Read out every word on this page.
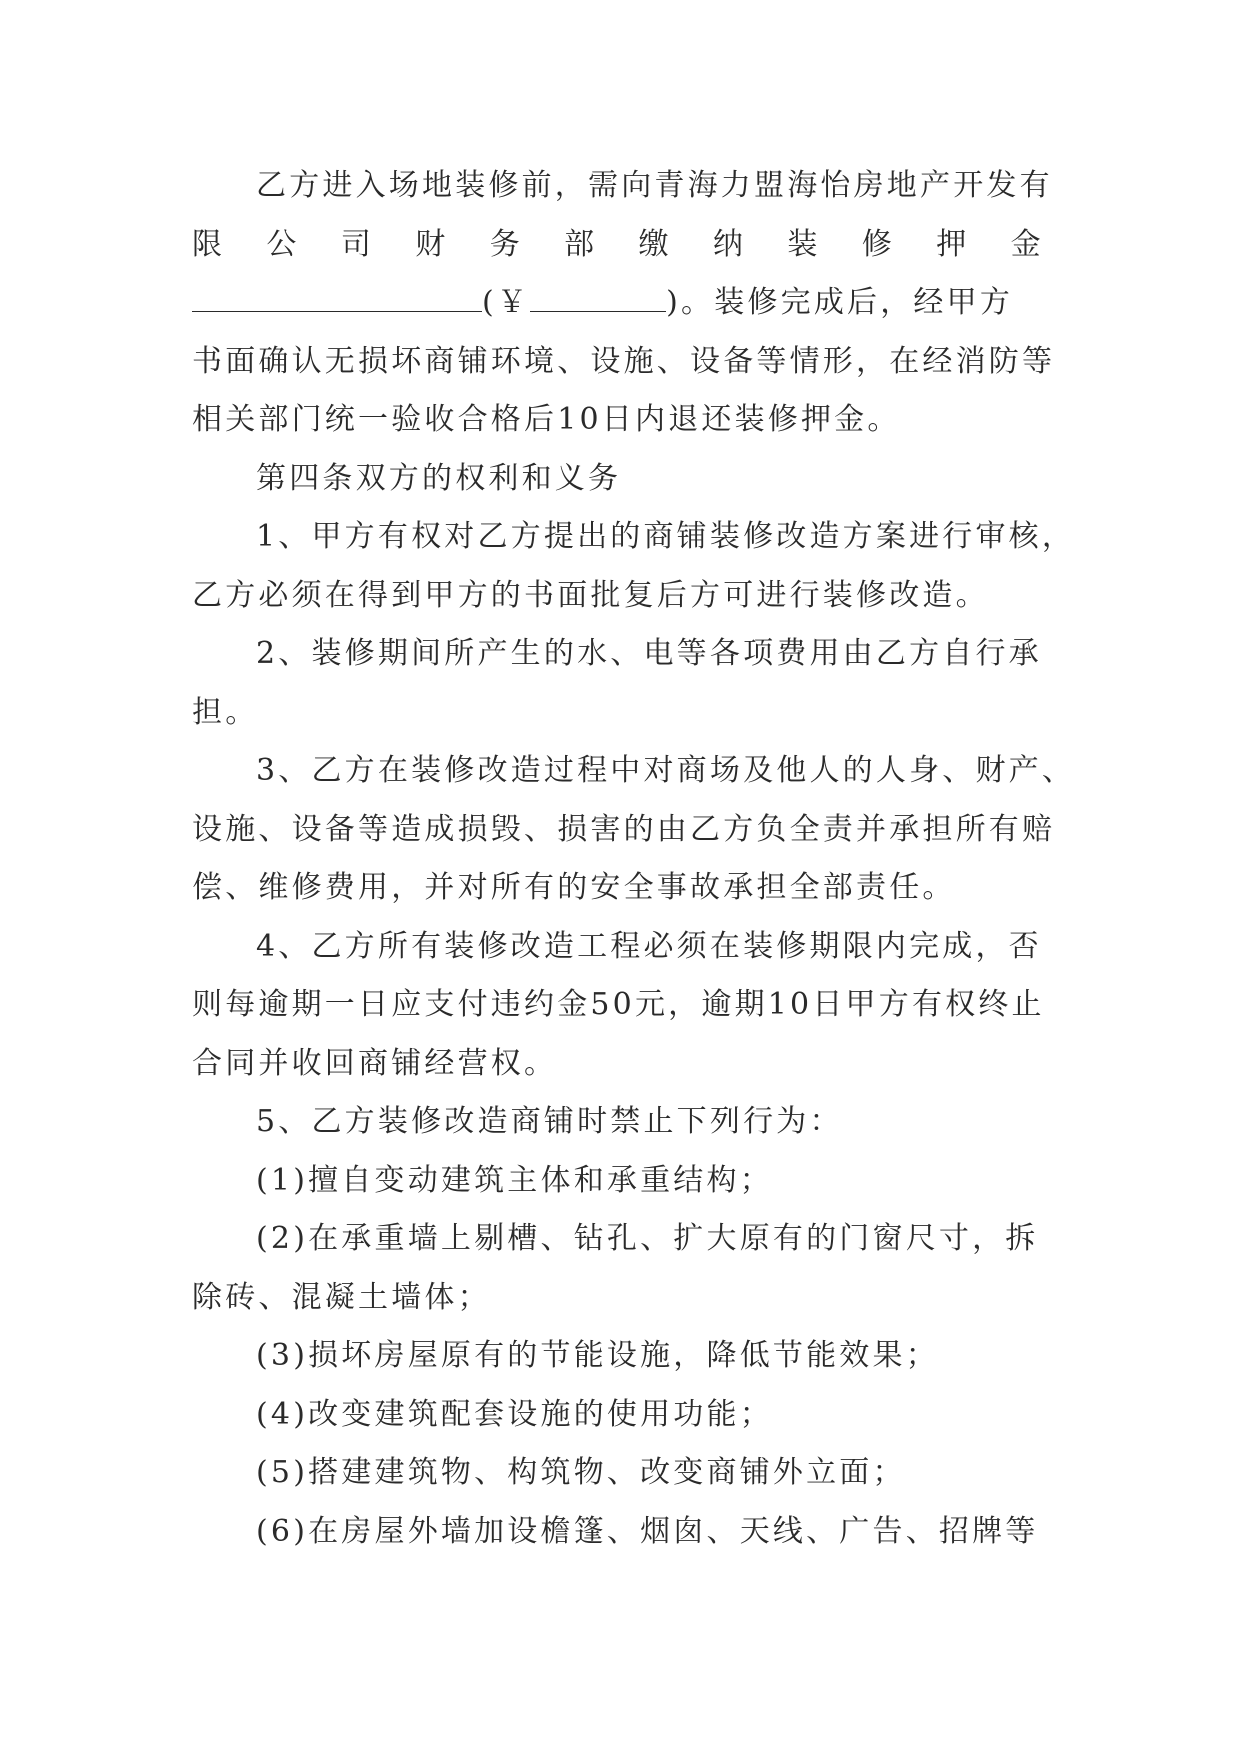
乙方进入场地装修前，需向青海力盟海怡房地产开发有
限 公 司 财 务 部 缴 纳 装 修 押 金
(￥	)。装修完成后，经甲方
书面确认无损坏商铺环境、设施、设备等情形，在经消防等
相关部门统一验收合格后10日内退还装修押金。
第四条双方的权利和义务
1、甲方有权对乙方提出的商铺装修改造方案进行审核，
乙方必须在得到甲方的书面批复后方可进行装修改造。
2、装修期间所产生的水、电等各项费用由乙方自行承
担。
3、乙方在装修改造过程中对商场及他人的人身、财产、
设施、设备等造成损毁、损害的由乙方负全责并承担所有赔
偿、维修费用，并对所有的安全事故承担全部责任。
4、乙方所有装修改造工程必须在装修期限内完成，否
则每逾期一日应支付违约金50元，逾期10日甲方有权终止
合同并收回商铺经营权。
5、乙方装修改造商铺时禁止下列行为：
(1)擅自变动建筑主体和承重结构；
(2)在承重墙上剔槽、钻孔、扩大原有的门窗尺寸，拆
除砖、混凝土墙体；
(3)损坏房屋原有的节能设施，降低节能效果；
(4)改变建筑配套设施的使用功能；
(5)搭建建筑物、构筑物、改变商铺外立面；
(6)在房屋外墙加设檐篷、烟囱、天线、广告、招牌等
